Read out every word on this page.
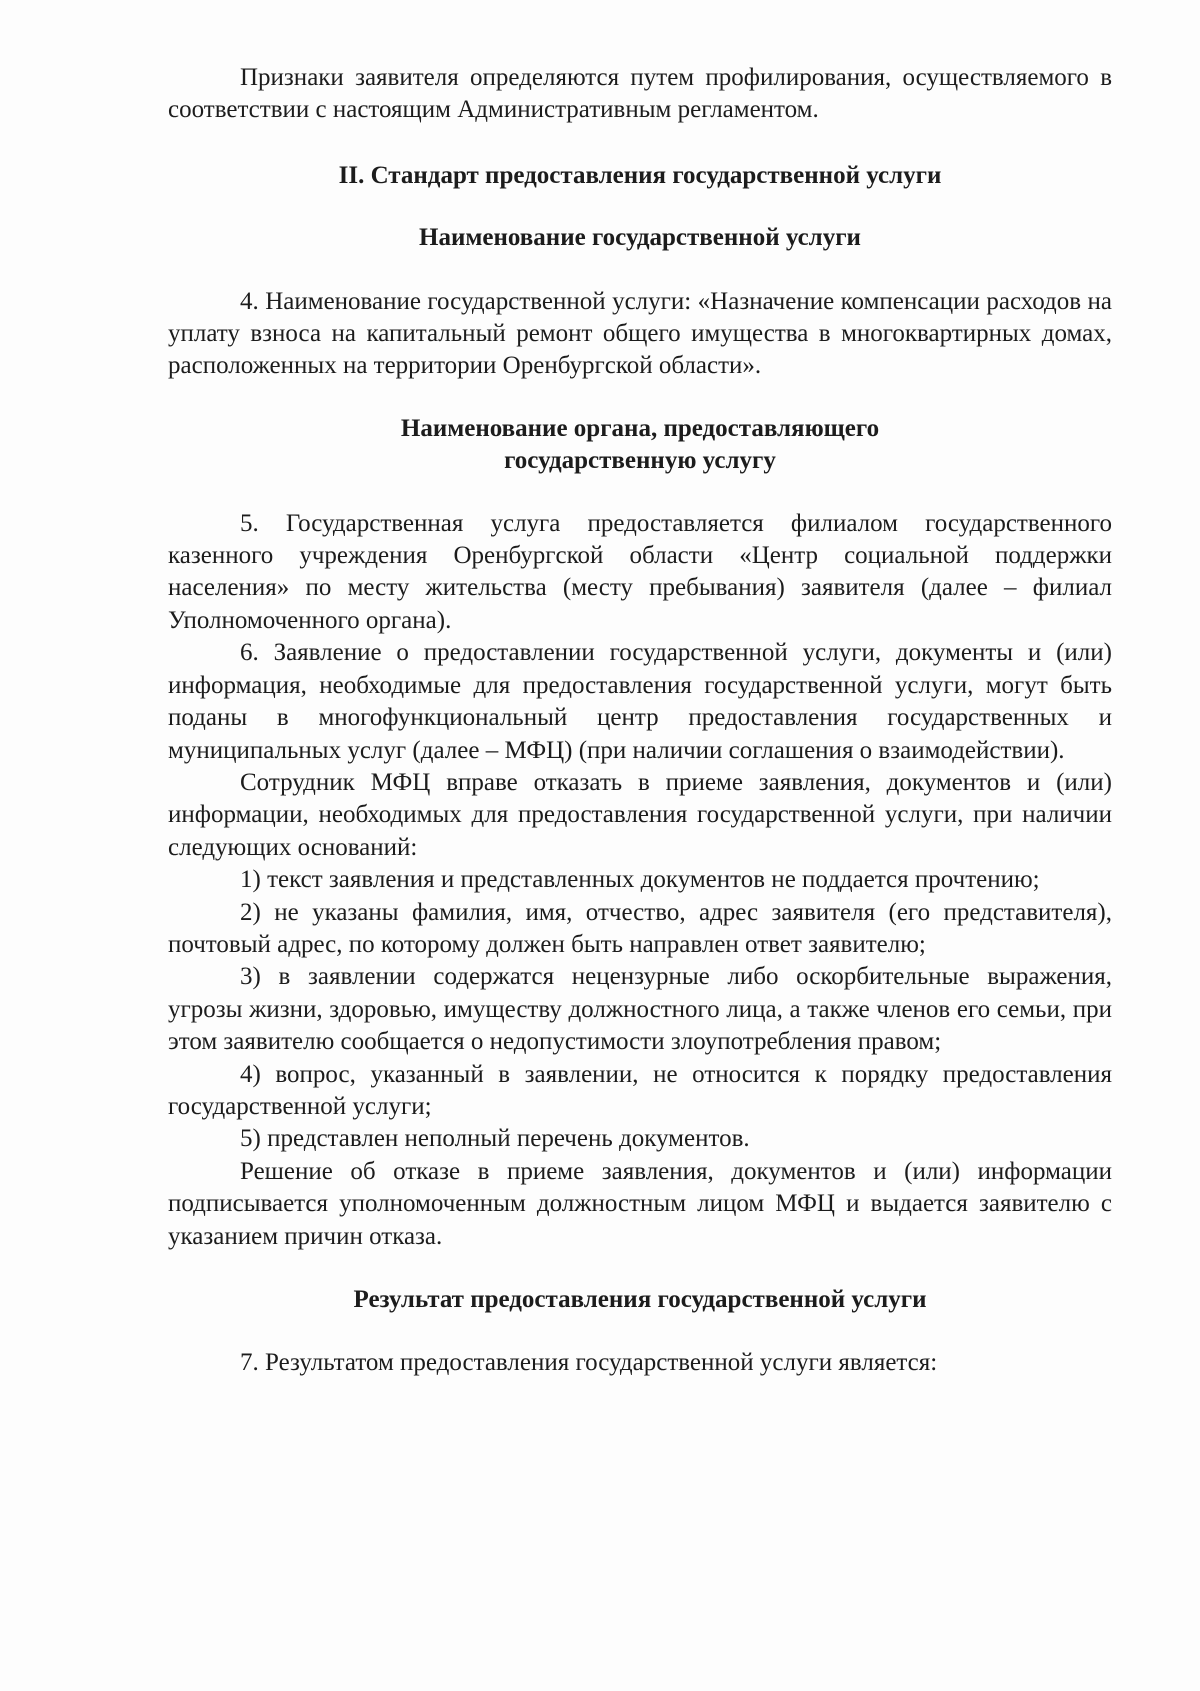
Признаки заявителя определяются путем профилирования, осуществляемого в соответствии с настоящим Административным регламентом.

II. Стандарт предоставления государственной услуги

Наименование государственной услуги

4. Наименование государственной услуги: «Назначение компенсации расходов на уплату взноса на капитальный ремонт общего имущества в многоквартирных домах, расположенных на территории Оренбургской области».

Наименование органа, предоставляющего
государственную услугу

5. Государственная услуга предоставляется филиалом государственного казенного учреждения Оренбургской области «Центр социальной поддержки населения» по месту жительства (месту пребывания) заявителя (далее – филиал Уполномоченного органа).

6. Заявление о предоставлении государственной услуги, документы и (или) информация, необходимые для предоставления государственной услуги, могут быть поданы в многофункциональный центр предоставления государственных и муниципальных услуг (далее – МФЦ) (при наличии соглашения о взаимодействии).

Сотрудник МФЦ вправе отказать в приеме заявления, документов и (или) информации, необходимых для предоставления государственной услуги, при наличии следующих оснований:

1) текст заявления и представленных документов не поддается прочтению;

2) не указаны фамилия, имя, отчество, адрес заявителя (его представителя), почтовый адрес, по которому должен быть направлен ответ заявителю;

3) в заявлении содержатся нецензурные либо оскорбительные выражения, угрозы жизни, здоровью, имуществу должностного лица, а также членов его семьи, при этом заявителю сообщается о недопустимости злоупотребления правом;

4) вопрос, указанный в заявлении, не относится к порядку предоставления государственной услуги;

5) представлен неполный перечень документов.

Решение об отказе в приеме заявления, документов и (или) информации подписывается уполномоченным должностным лицом МФЦ и выдается заявителю с указанием причин отказа.

Результат предоставления государственной услуги

7. Результатом предоставления государственной услуги является:
